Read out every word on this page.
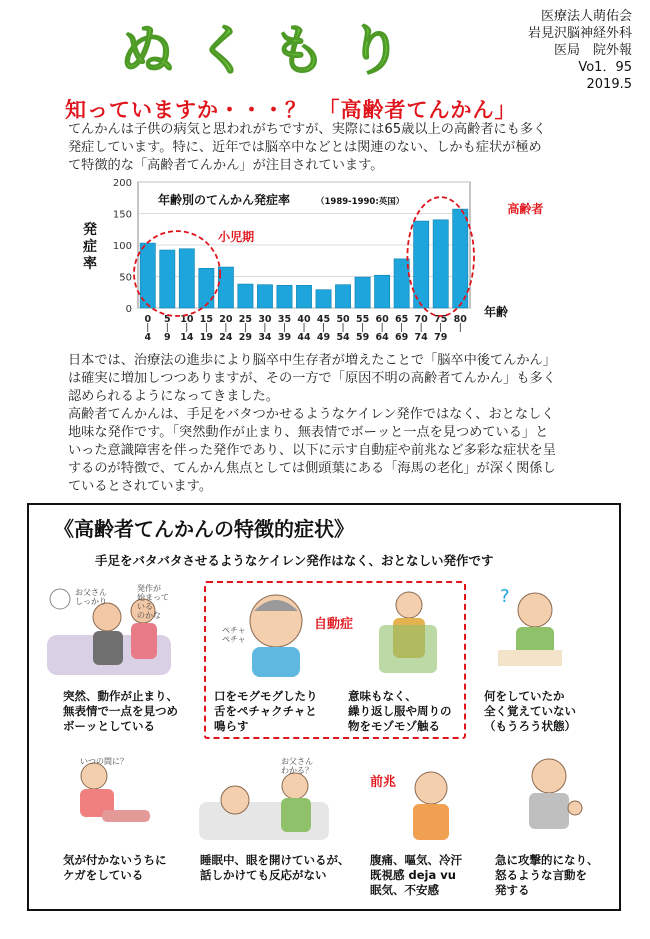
ぬくもり
医療法人萌佑会
岩見沢脳神経外科
医局　院外報
Vo1．95
2019.5
知っていますか・・・？　「高齢者てんかん」
てんかんは子供の病気と思われがちですが、実際には65歳以上の高齢者にも多く
発症しています。特に、近年では脳卒中などとは関連のない、しかも症状が極め
て特徴的な「高齢者てんかん」が注目されています。
0
50
100
150
200
0
|
4
5
|
9
10
|
14
15
|
19
20
|
24
25
|
29
30
|
34
35
|
39
40
|
44
45
|
49
50
|
54
55
|
59
60
|
64
65
|
69
70
|
74
75
|
79
80
|
年齢別のてんかん発症率	（1989-1990:英国）
発
症
率
年齢
小児期
高齢者
日本では、治療法の進歩により脳卒中生存者が増えたことで「脳卒中後てんかん」
は確実に増加しつつありますが、その一方で「原因不明の高齢者てんかん」も多く
認められるようになってきました。
高齢者てんかんは、手足をバタつかせるようなケイレン発作ではなく、おとなしく
地味な発作です。「突然動作が止まり、無表情でボーッと一点を見つめている」と
いった意識障害を伴った発作であり、以下に示す自動症や前兆など多彩な症状を呈
するのが特徴で、てんかん焦点としては側頭葉にある「海馬の老化」が深く関係し
ているとされています。
《高齢者てんかんの特徴的症状》
手足をバタバタさせるようなケイレン発作はなく、おとなしい発作です
自動症
前兆
お父さんしっかり
発作が始まっているのかな
ペチャペチャ
?
いつの間に？	お父さんわかる？
突然、動作が止まり、
無表情で一点を見つめ
ボーッとしている
口をモグモグしたり
舌をペチャクチャと
鳴らす
意味もなく、
繰り返し服や周りの
物をモゾモゾ触る
何をしていたか
全く覚えていない
（もうろう状態）
気が付かないうちに
ケガをしている
睡眠中、眼を開けているが、
話しかけても反応がない
腹痛、嘔気、冷汗
既視感 deja vu
眠気、不安感
急に攻撃的になり、
怒るような言動を
発する
